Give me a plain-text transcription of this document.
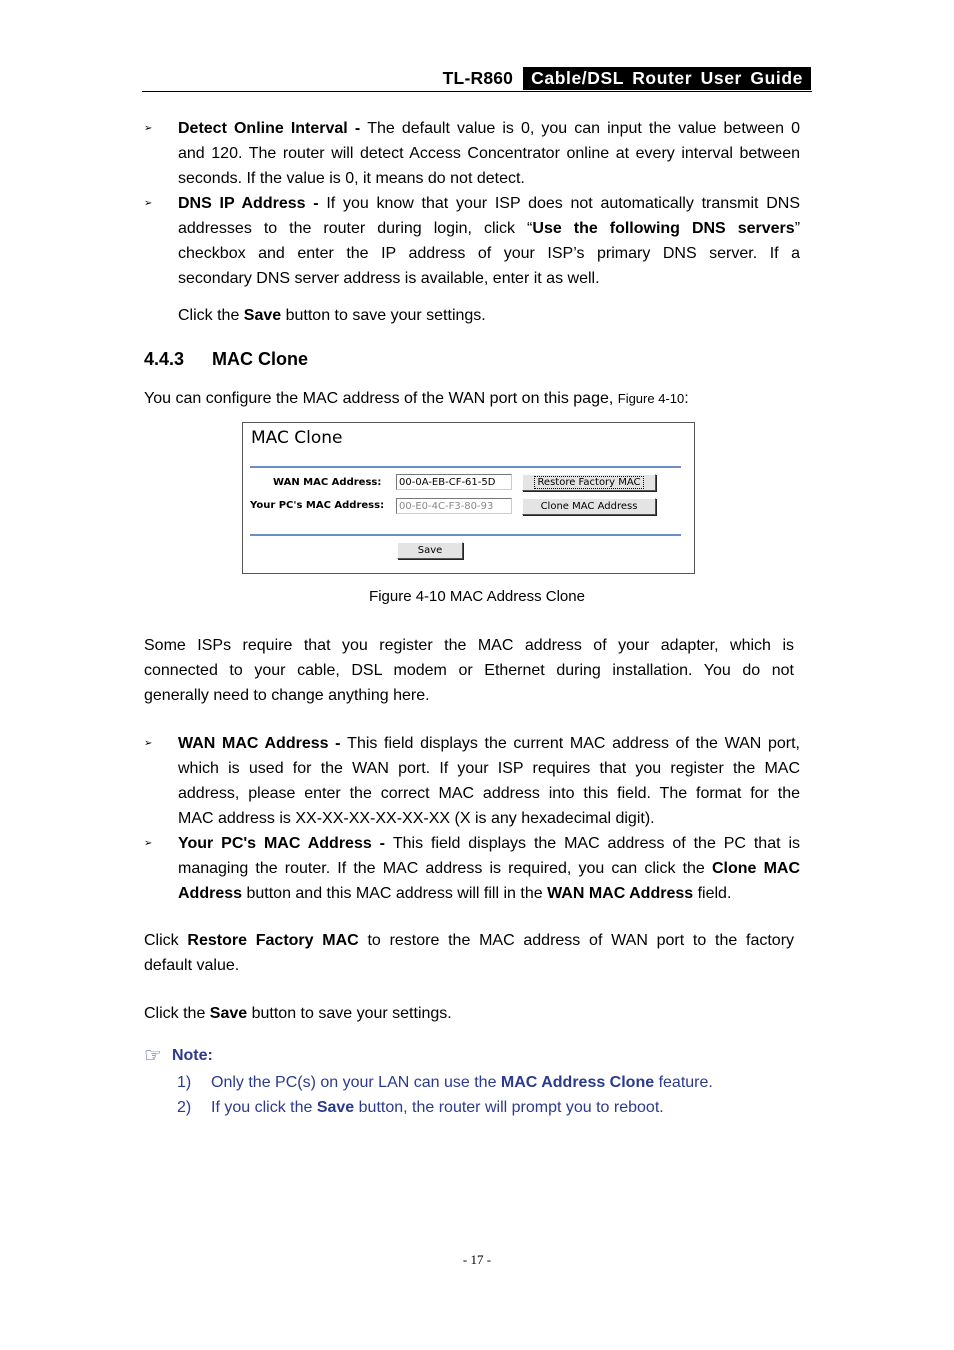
TL-R860	Cable/DSL Router User Guide
➢ Detect Online Interval - The default value is 0, you can input the value between 0
and 120. The router will detect Access Concentrator online at every interval between
seconds. If the value is 0, it means do not detect.
➢ DNS IP Address - If you know that your ISP does not automatically transmit DNS
addresses to the router during login, click “Use the following DNS servers”
checkbox and enter the IP address of your ISP’s primary DNS server. If a
secondary DNS server address is available, enter it as well.
Click the Save button to save your settings.
4.4.3 MAC Clone
You can configure the MAC address of the WAN port on this page, Figure 4-10:
MAC Clone
WAN MAC Address:	00-0A-EB-CF-61-5D	Restore Factory MAC
Your PC's MAC Address:	00-E0-4C-F3-80-93	Clone MAC Address
Save
Figure 4-10 MAC Address Clone
Some ISPs require that you register the MAC address of your adapter, which is
connected to your cable, DSL modem or Ethernet during installation. You do not
generally need to change anything here.
➢ WAN MAC Address - This field displays the current MAC address of the WAN port,
which is used for the WAN port. If your ISP requires that you register the MAC
address, please enter the correct MAC address into this field. The format for the
MAC address is XX-XX-XX-XX-XX-XX (X is any hexadecimal digit).
➢ Your PC's MAC Address - This field displays the MAC address of the PC that is
managing the router. If the MAC address is required, you can click the Clone MAC
Address button and this MAC address will fill in the WAN MAC Address field.
Click Restore Factory MAC to restore the MAC address of WAN port to the factory
default value.
Click the Save button to save your settings.
☞ Note:
1) Only the PC(s) on your LAN can use the MAC Address Clone feature.
2) If you click the Save button, the router will prompt you to reboot.
- 17 -
